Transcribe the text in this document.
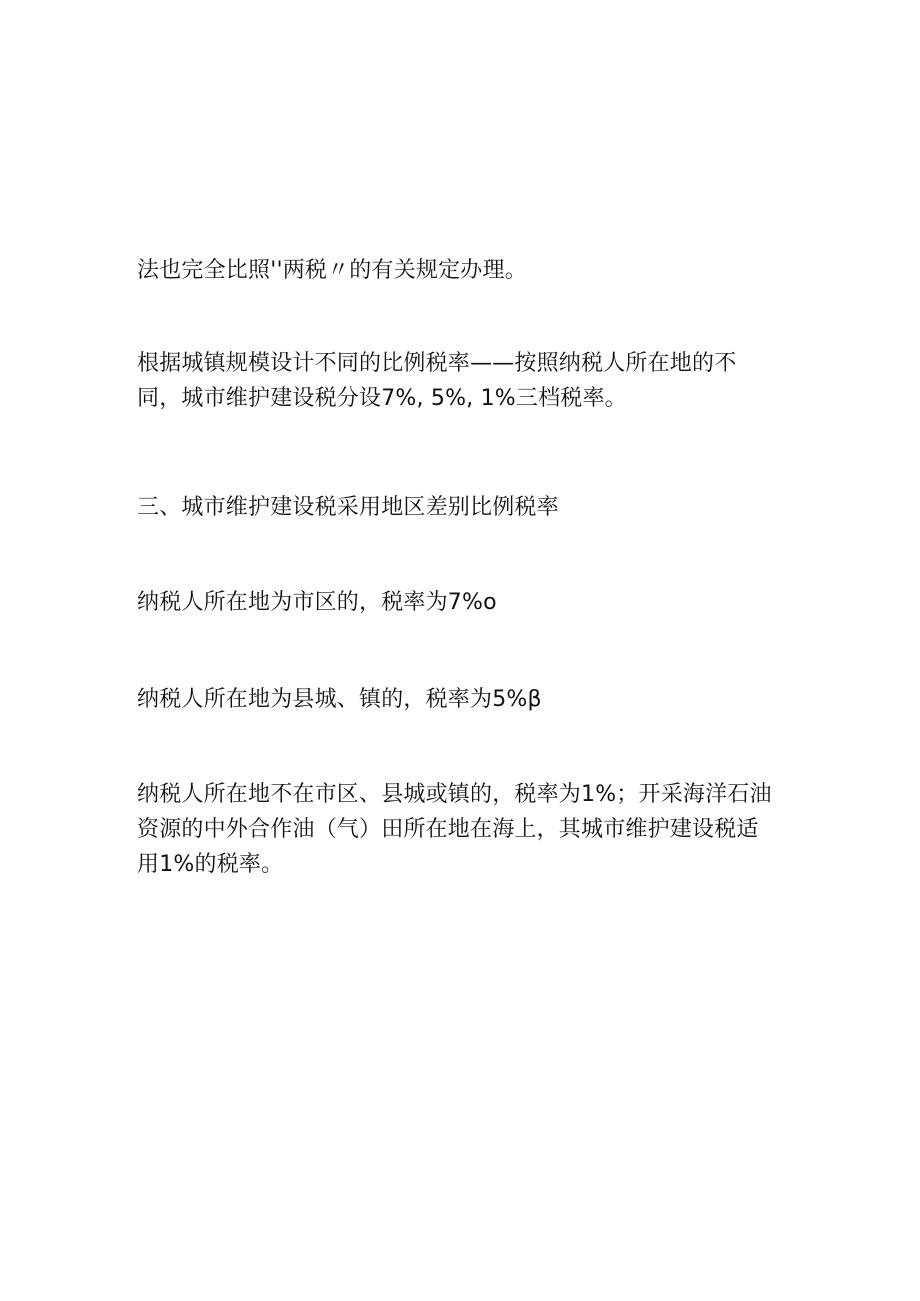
法也完全比照''两税〃的有关规定办理。

根据城镇规模设计不同的比例税率——按照纳税人所在地的不同，城市维护建设税分设7%, 5%, 1%三档税率。

三、城市维护建设税采用地区差别比例税率

纳税人所在地为市区的，税率为7%o

纳税人所在地为县城、镇的，税率为5%β

纳税人所在地不在市区、县城或镇的，税率为1%；开采海洋石油资源的中外合作油（气）田所在地在海上，其城市维护建设税适用1%的税率。
